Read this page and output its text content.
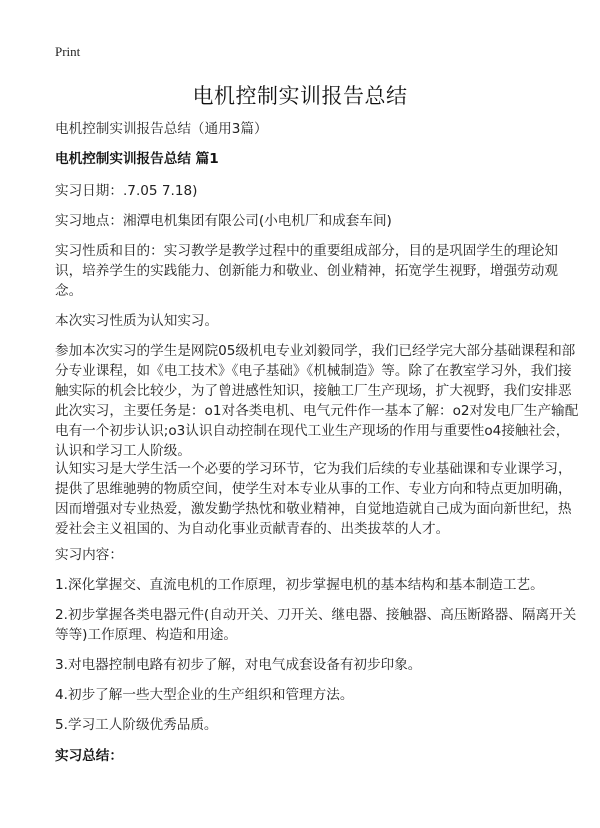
Print
电机控制实训报告总结
电机控制实训报告总结（通用3篇）
电机控制实训报告总结 篇1
实习日期：.7.05 7.18)
实习地点：湘潭电机集团有限公司(小电机厂和成套车间)
实习性质和目的：实习教学是教学过程中的重要组成部分，目的是巩固学生的理论知识，培养学生的实践能力、创新能力和敬业、创业精神，拓宽学生视野，增强劳动观念。
本次实习性质为认知实习。
参加本次实习的学生是网院05级机电专业刘毅同学，我们已经学完大部分基础课程和部分专业课程，如《电工技术》《电子基础》《机械制造》等。除了在教室学习外，我们接触实际的机会比较少，为了曾进感性知识，接触工厂生产现场，扩大视野，我们安排恶此次实习，主要任务是：o1对各类电机、电气元件作一基本了解：o2对发电厂生产输配电有一个初步认识;o3认识自动控制在现代工业生产现场的作用与重要性o4接触社会，认识和学习工人阶级。
认知实习是大学生活一个必要的学习环节，它为我们后续的专业基础课和专业课学习，提供了思维驰骋的物质空间，使学生对本专业从事的工作、专业方向和特点更加明确，因而增强对专业热爱，激发勤学热忱和敬业精神，自觉地造就自己成为面向新世纪，热爱社会主义祖国的、为自动化事业贡献青春的、出类拔萃的人才。
实习内容：
1.深化掌握交、直流电机的工作原理，初步掌握电机的基本结构和基本制造工艺。
2.初步掌握各类电器元件(自动开关、刀开关、继电器、接触器、高压断路器、隔离开关等等)工作原理、构造和用途。
3.对电器控制电路有初步了解，对电气成套设备有初步印象。
4.初步了解一些大型企业的生产组织和管理方法。
5.学习工人阶级优秀品质。
实习总结：
